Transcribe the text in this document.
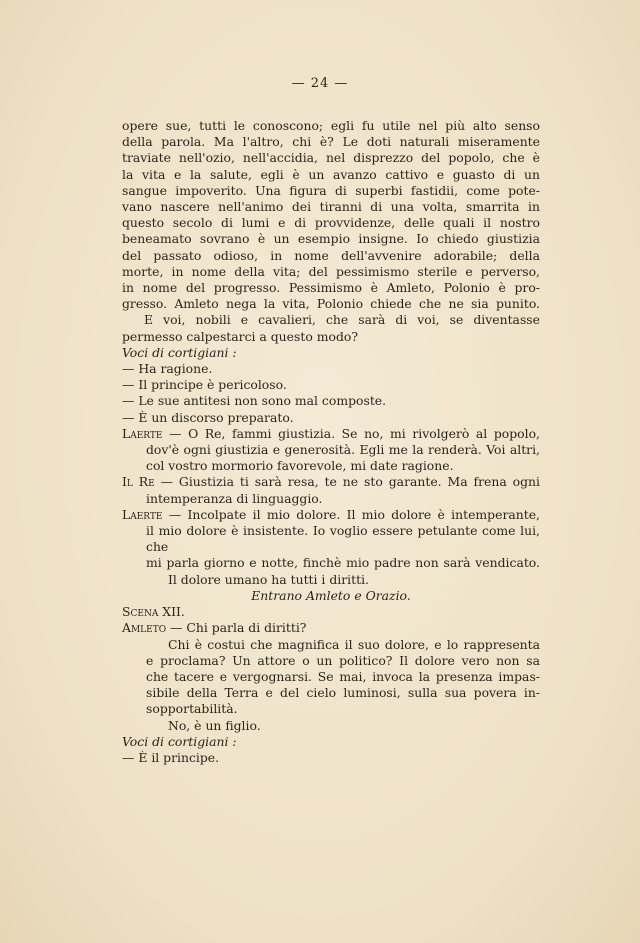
— 24 —

opere sue, tutti le conoscono; egli fu utile nel più alto senso

della parola. Ma l'altro, chi è? Le doti naturali miseramente

traviate nell'ozio, nell'accidia, nel disprezzo del popolo, che è

la vita e la salute, egli è un avanzo cattivo e guasto di un

sangue impoverito. Una figura di superbi fastidii, come pote-

vano nascere nell'animo dei tiranni di una volta, smarrita in

questo secolo di lumi e di provvidenze, delle quali il nostro

beneamato sovrano è un esempio insigne. Io chiedo giustizia

del passato odioso, in nome dell'avvenire adorabile; della

morte, in nome della vita; del pessimismo sterile e perverso,

in nome del progresso. Pessimismo è Amleto, Polonio è pro-

gresso. Amleto nega la vita, Polonio chiede che ne sia punito.

E voi, nobili e cavalieri, che sarà di voi, se diventasse

permesso calpestarci a questo modo?

Voci di cortigiani :

— Ha ragione.

— Il principe è pericoloso.

— Le sue antitesi non sono mal composte.

— È un discorso preparato.

Laerte — O Re, fammi giustizia. Se no, mi rivolgerò al popolo,

dov'è ogni giustizia e generosità. Egli me la renderà. Voi altri,

col vostro mormorio favorevole, mi date ragione.

Il Re — Giustizia ti sarà resa, te ne sto garante. Ma frena ogni

intemperanza di linguaggio.

Laerte — Incolpate il mio dolore. Il mio dolore è intemperante,

il mio dolore è insistente. Io voglio essere petulante come lui, che

mi parla giorno e notte, finchè mio padre non sarà vendicato.

Il dolore umano ha tutti i diritti.

Entrano Amleto e Orazio.

Scena XII.

Amleto — Chi parla di diritti?

Chi è costui che magnifica il suo dolore, e lo rappresenta

e proclama? Un attore o un politico? Il dolore vero non sa

che tacere e vergognarsi. Se mai, invoca la presenza impas-

sibile della Terra e del cielo luminosi, sulla sua povera in-

sopportabilità.

No, è un figlio.

Voci di cortigiani :

— È il principe.
